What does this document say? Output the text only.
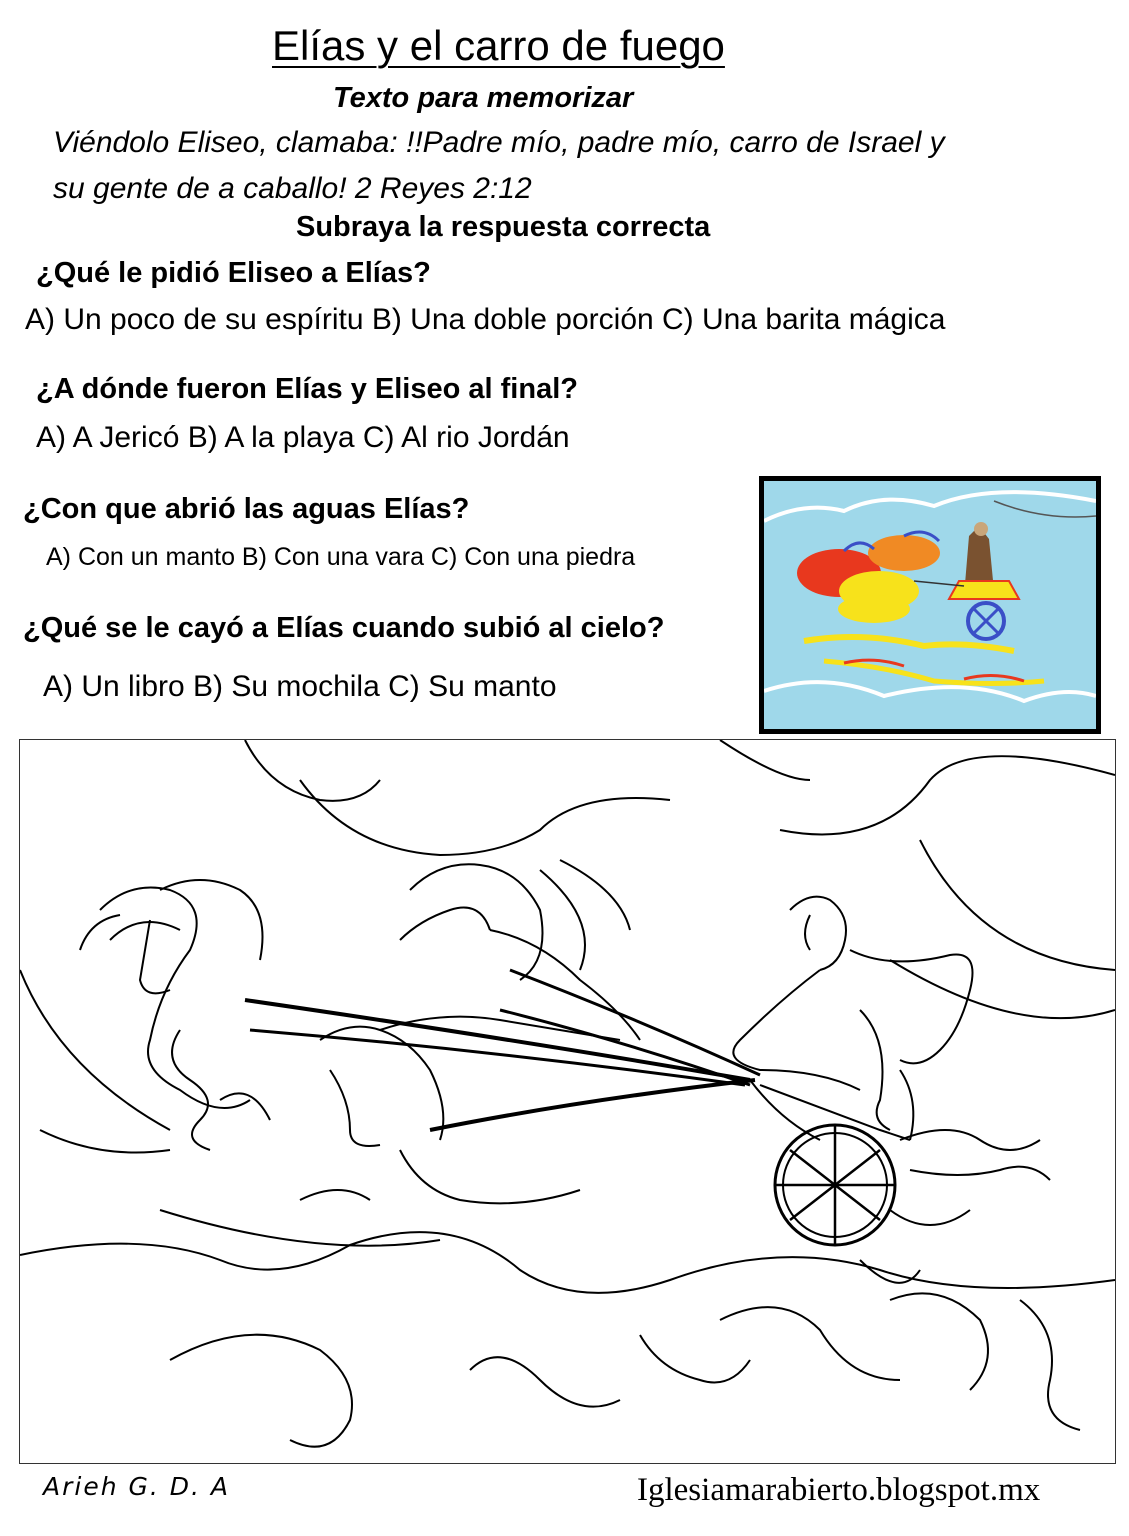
Elías y el carro de fuego
Texto para memorizar
Viéndolo Eliseo, clamaba: !!Padre mío, padre mío, carro de Israel y
su gente de a caballo! 2 Reyes 2:12
Subraya la respuesta correcta
¿Qué le pidió Eliseo a Elías?
A) Un poco de su espíritu B) Una doble porción C) Una barita mágica
¿A dónde fueron Elías y Eliseo al final?
A) A Jericó B) A la playa C) Al rio Jordán
¿Con que abrió las aguas Elías?
A) Con un manto B) Con una vara C) Con una piedra
¿Qué se le cayó a Elías cuando subió al cielo?
A) Un libro B) Su mochila C) Su manto
Arieh G. D. A	Iglesiamarabierto.blogspot.mx
